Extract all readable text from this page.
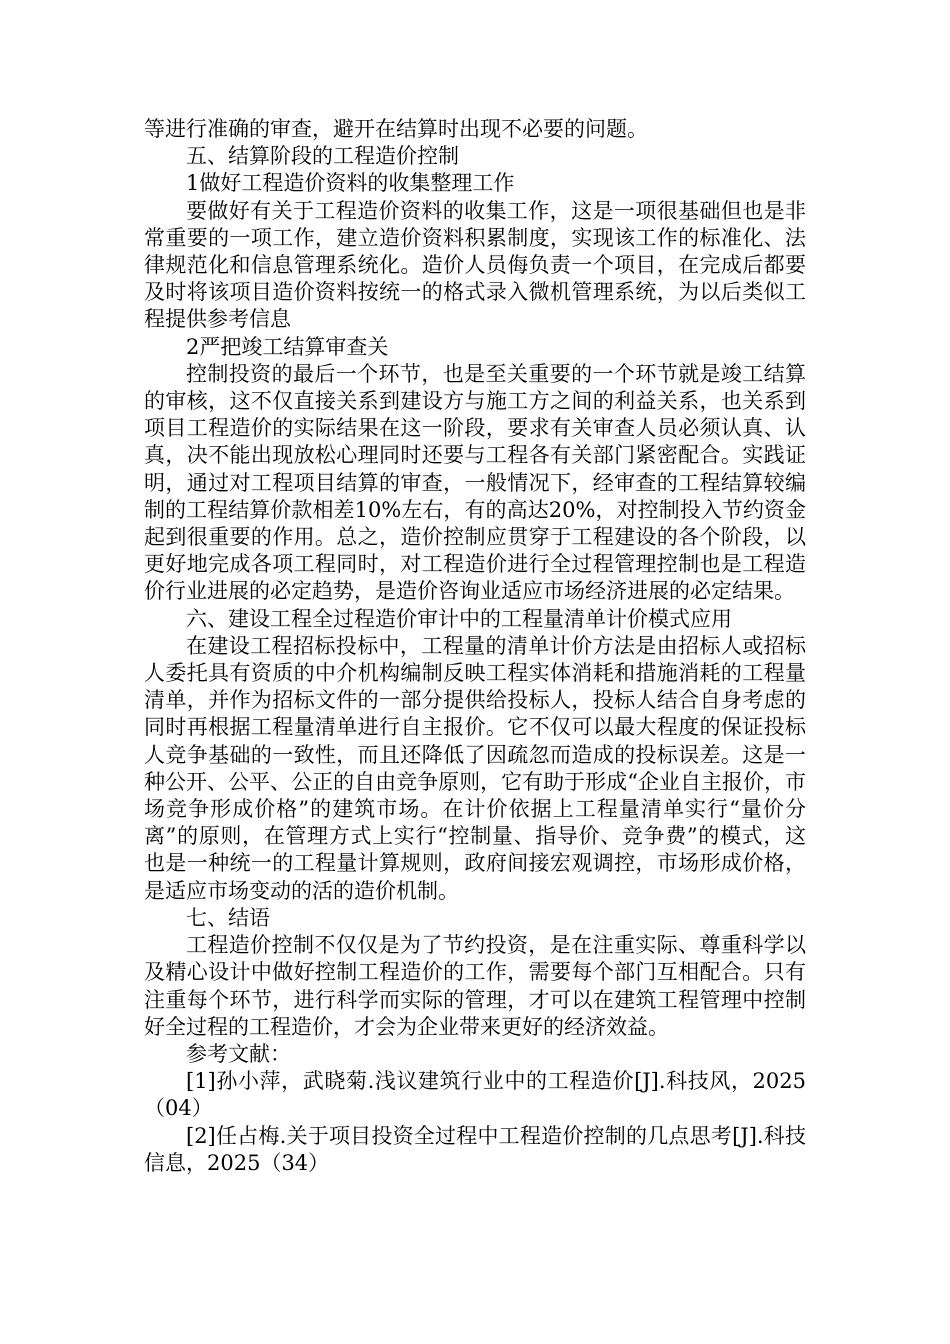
等进行准确的审查，避开在结算时出现不必要的问题。

五、结算阶段的工程造价控制

1做好工程造价资料的收集整理工作

要做好有关于工程造价资料的收集工作，这是一项很基础但也是非常重要的一项工作，建立造价资料积累制度，实现该工作的标准化、法律规范化和信息管理系统化。造价人员侮负责一个项目，在完成后都要及时将该项目造价资料按统一的格式录入微机管理系统，为以后类似工程提供参考信息

2严把竣工结算审查关

控制投资的最后一个环节，也是至关重要的一个环节就是竣工结算的审核，这不仅直接关系到建设方与施工方之间的利益关系，也关系到项目工程造价的实际结果在这一阶段，要求有关审查人员必须认真、认真，决不能出现放松心理同时还要与工程各有关部门紧密配合。实践证明，通过对工程项目结算的审查，一般情况下，经审查的工程结算较编制的工程结算价款相差10%左右，有的高达20%，对控制投入节约资金起到很重要的作用。总之，造价控制应贯穿于工程建设的各个阶段，以更好地完成各项工程同时，对工程造价进行全过程管理控制也是工程造价行业进展的必定趋势，是造价咨询业适应市场经济进展的必定结果。

六、建设工程全过程造价审计中的工程量清单计价模式应用

在建设工程招标投标中，工程量的清单计价方法是由招标人或招标人委托具有资质的中介机构编制反映工程实体消耗和措施消耗的工程量清单，并作为招标文件的一部分提供给投标人，投标人结合自身考虑的同时再根据工程量清单进行自主报价。它不仅可以最大程度的保证投标人竞争基础的一致性，而且还降低了因疏忽而造成的投标误差。这是一种公开、公平、公正的自由竞争原则，它有助于形成“企业自主报价，市场竞争形成价格”的建筑市场。在计价依据上工程量清单实行“量价分离”的原则，在管理方式上实行“控制量、指导价、竞争费”的模式，这也是一种统一的工程量计算规则，政府间接宏观调控，市场形成价格，是适应市场变动的活的造价机制。

七、结语

工程造价控制不仅仅是为了节约投资，是在注重实际、尊重科学以及精心设计中做好控制工程造价的工作，需要每个部门互相配合。只有注重每个环节，进行科学而实际的管理，才可以在建筑工程管理中控制好全过程的工程造价，才会为企业带来更好的经济效益。

参考文献：

[1]孙小萍，武晓菊.浅议建筑行业中的工程造价[J].科技风，2025（04）

[2]任占梅.关于项目投资全过程中工程造价控制的几点思考[J].科技信息，2025（34）
